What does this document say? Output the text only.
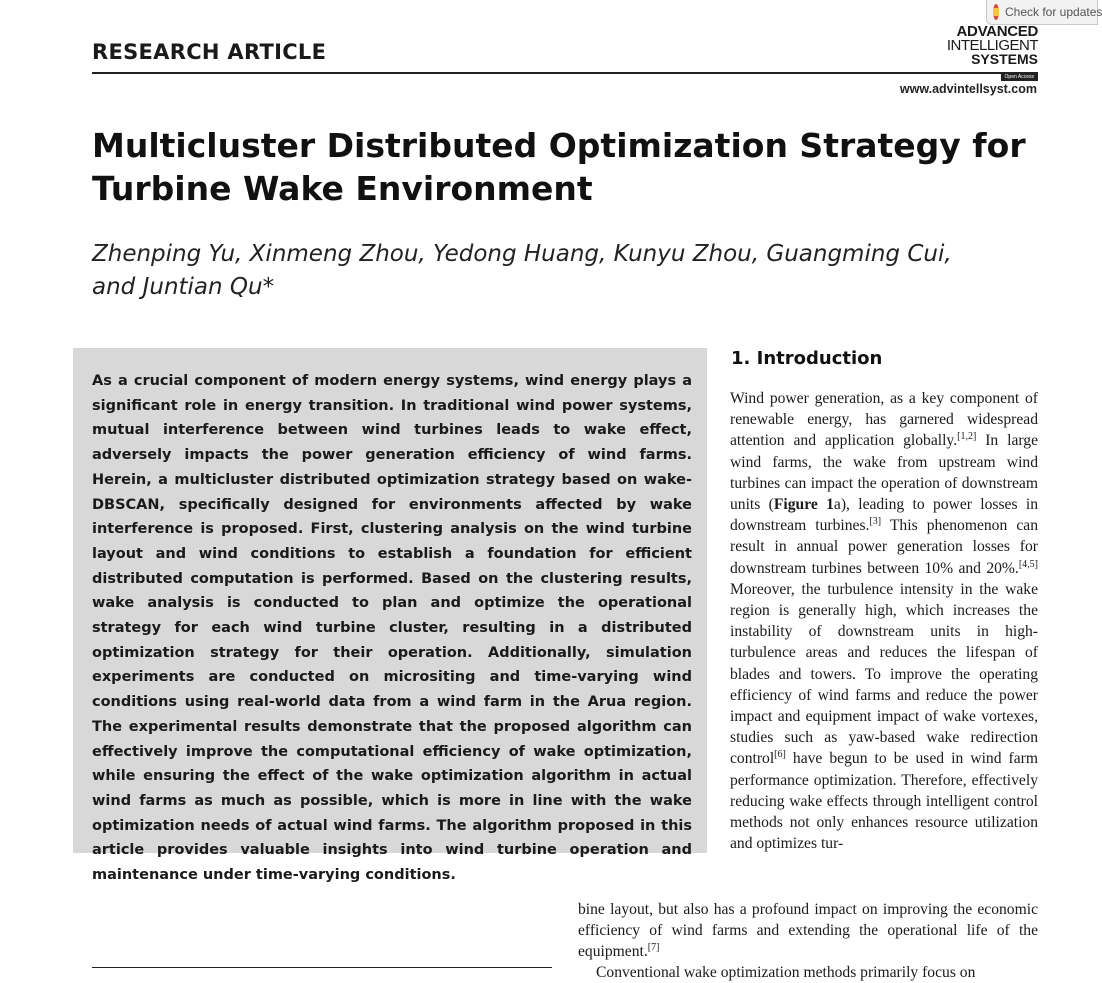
Check for updates
RESEARCH ARTICLE
ADVANCED
INTELLIGENT
SYSTEMS
Open Access
www.advintellsyst.com
Multicluster Distributed Optimization Strategy for Turbine Wake Environment

Zhenping Yu, Xinmeng Zhou, Yedong Huang, Kunyu Zhou, Guangming Cui, and Juntian Qu*

As a crucial component of modern energy systems, wind energy plays a significant role in energy transition. In traditional wind power systems, mutual interference between wind turbines leads to wake effect, adversely impacts the power generation efficiency of wind farms. Herein, a multicluster distributed optimization strategy based on wake-DBSCAN, specifically designed for environments affected by wake interference is proposed. First, clustering analysis on the wind turbine layout and wind conditions to establish a foundation for efficient distributed computation is performed. Based on the clustering results, wake analysis is conducted to plan and optimize the operational strategy for each wind turbine cluster, resulting in a distributed optimization strategy for their operation. Additionally, simulation experiments are conducted on micrositing and time-varying wind conditions using real-world data from a wind farm in the Arua region. The experimental results demonstrate that the proposed algorithm can effectively improve the computational efficiency of wake optimization, while ensuring the effect of the wake optimization algorithm in actual wind farms as much as possible, which is more in line with the wake optimization needs of actual wind farms. The algorithm proposed in this article provides valuable insights into wind turbine operation and maintenance under time-varying conditions.

1. Introduction

Wind power generation, as a key component of renewable energy, has garnered widespread attention and application globally.[1,2] In large wind farms, the wake from upstream wind turbines can impact the operation of downstream units (Figure 1a), leading to power losses in downstream turbines.[3] This phenomenon can result in annual power generation losses for downstream turbines between 10% and 20%.[4,5] Moreover, the turbulence intensity in the wake region is generally high, which increases the instability of downstream units in high-turbulence areas and reduces the lifespan of blades and towers. To improve the operating efficiency of wind farms and reduce the power impact and equipment impact of wake vortexes, studies such as yaw-based wake redirection control[6] have begun to be used in wind farm performance optimization. Therefore, effectively reducing wake effects through intelligent control methods not only enhances resource utilization and optimizes tur-

bine layout, but also has a profound impact on improving the economic efficiency of wind farms and extending the operational life of the equipment.[7]

Conventional wake optimization methods primarily focus on
